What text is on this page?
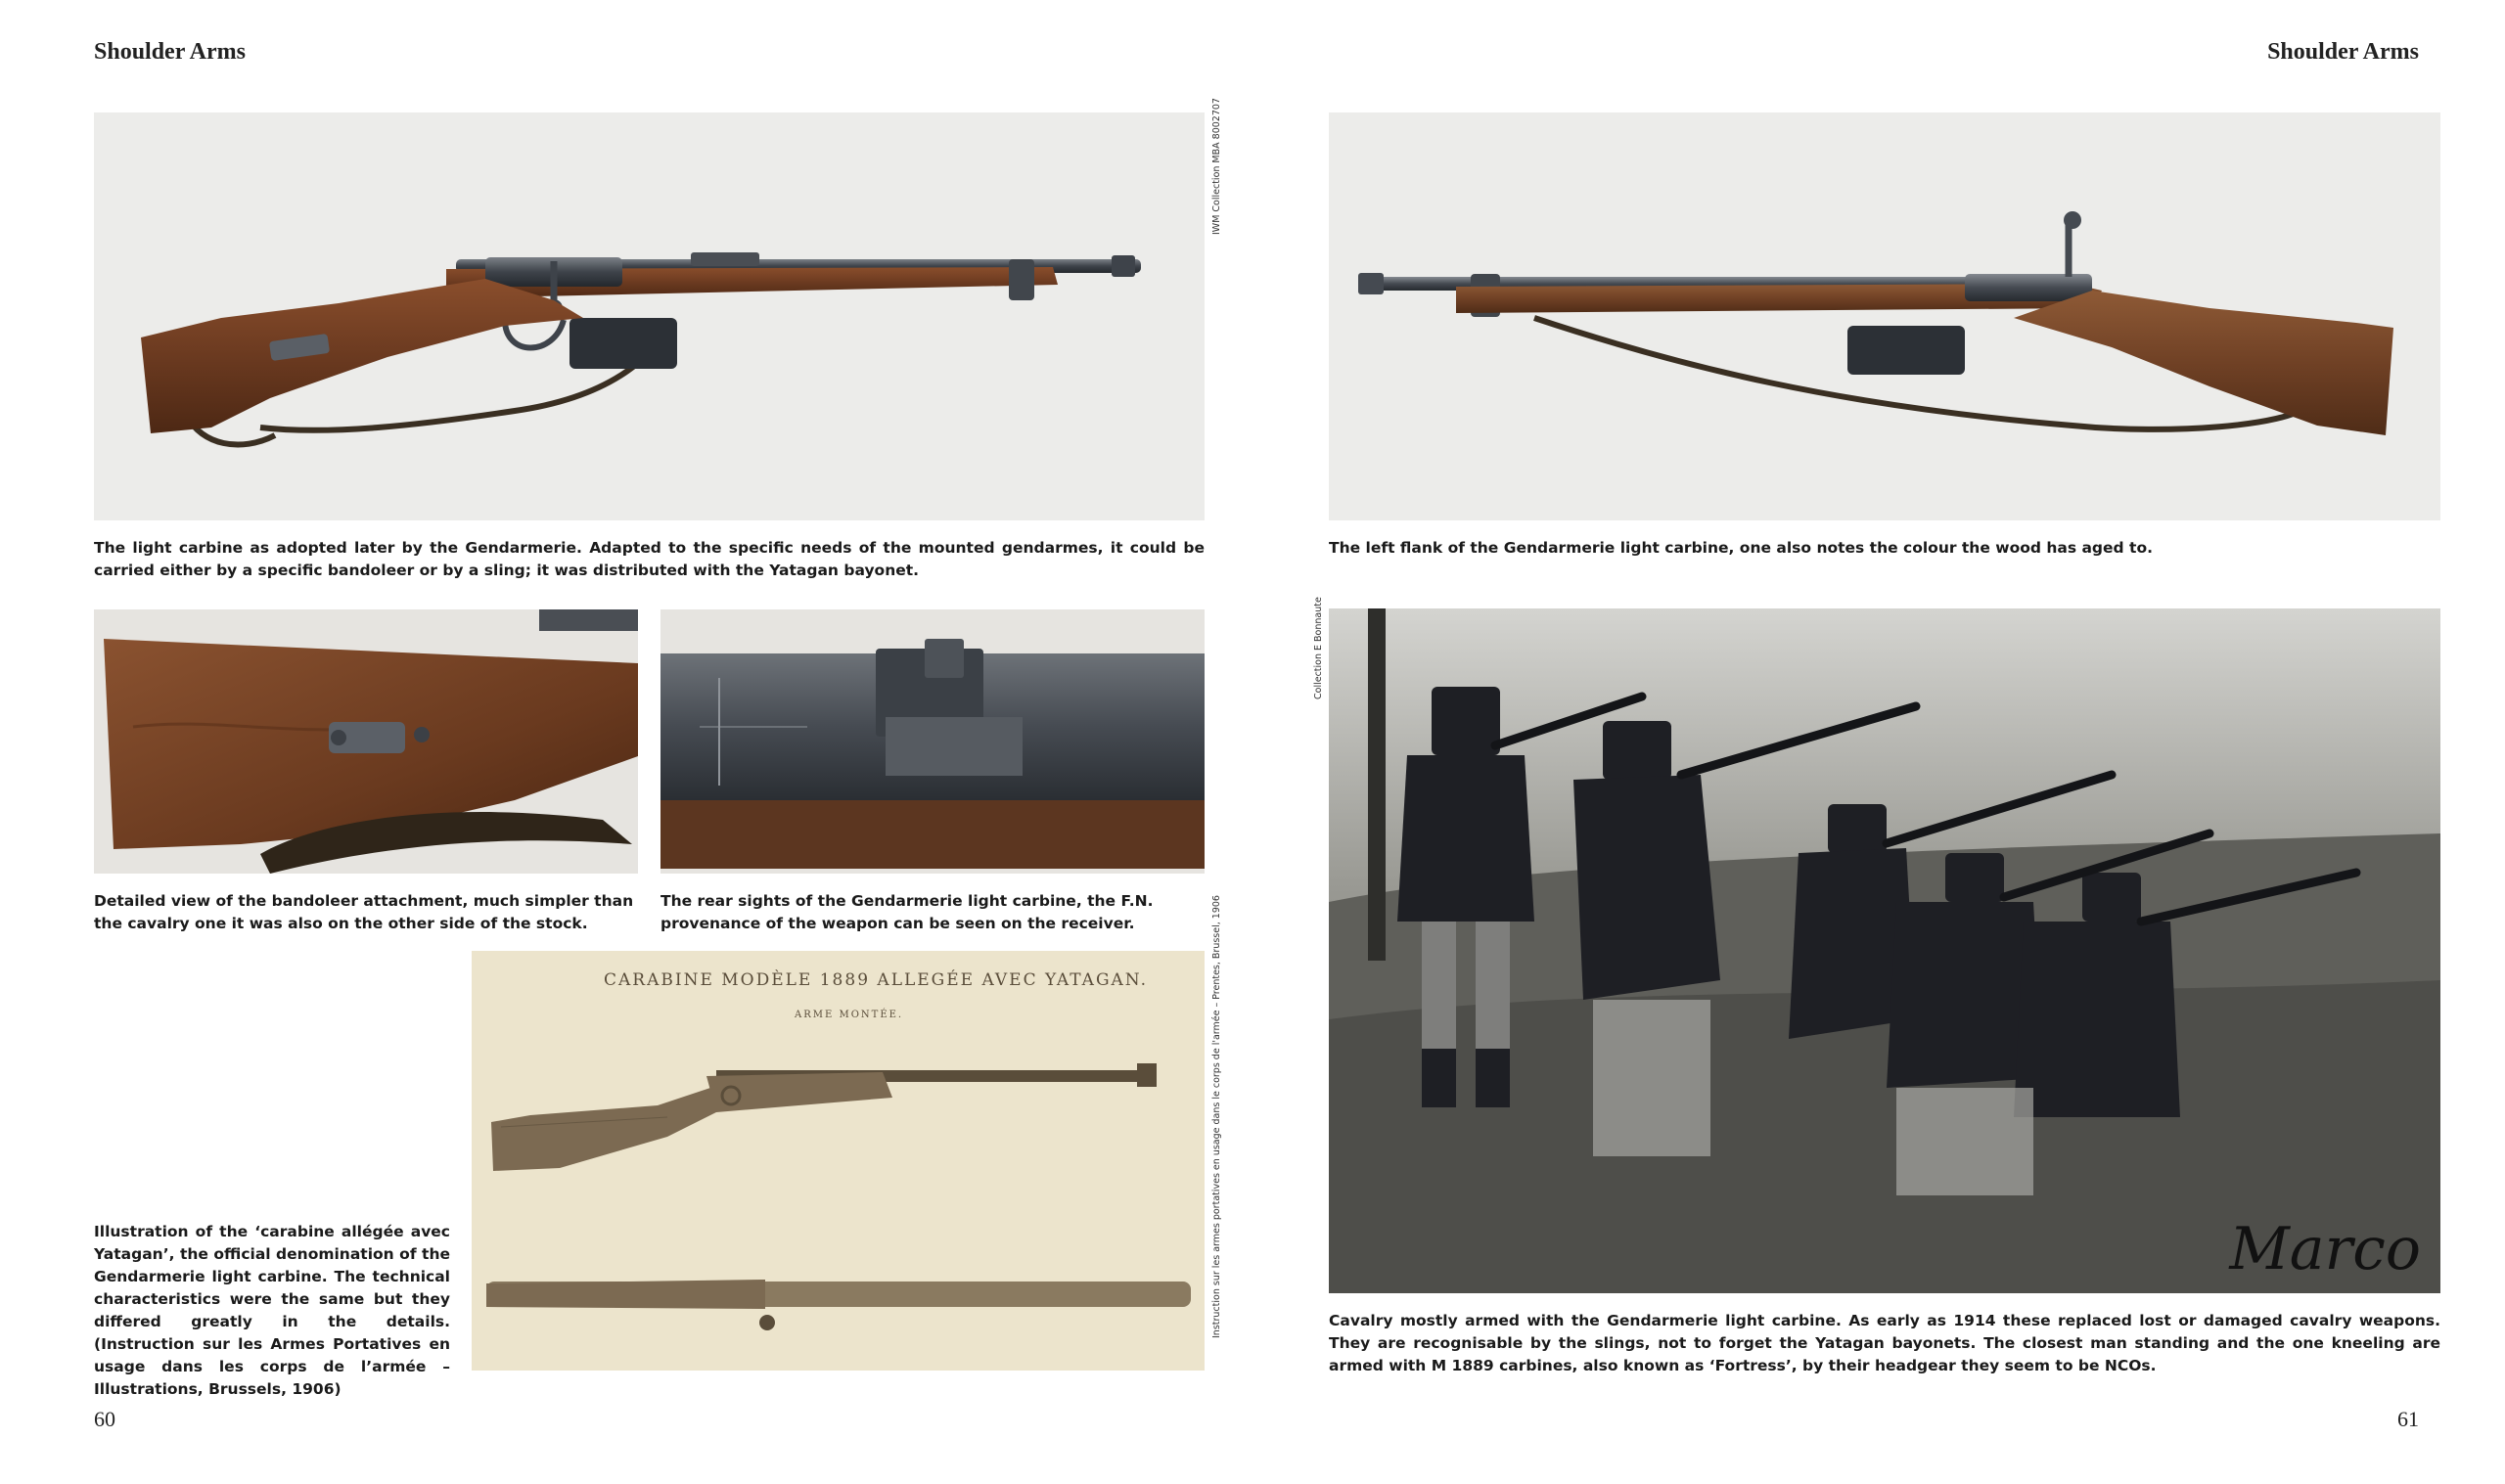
Shoulder Arms	Shoulder Arms
IWM Collection MBA 8002707
The light carbine as adopted later by the Gendarmerie. Adapted to the specific needs of the mounted gendarmes, it could be carried either by a specific bandoleer or by a sling; it was distributed with the Yatagan bayonet.
The left flank of the Gendarmerie light carbine, one also notes the colour the wood has aged to.
Detailed view of the bandoleer attachment, much simpler than the cavalry one it was also on the other side of the stock.
The rear sights of the Gendarmerie light carbine, the F.N. provenance of the weapon can be seen on the receiver.
CARABINE MODÈLE 1889 ALLEGÉE AVEC YATAGAN.
ARME MONTÉE.	Instruction sur les armes portatives en usage dans le corps de l'armée – Prentes, Brussel, 1906
Illustration of the ‘carabine allégée avec Yatagan’, the official denomination of the Gendarmerie light carbine. The technical characteristics were the same but they differed greatly in the details. (Instruction sur les Armes Portatives en usage dans les corps de l’armée – Illustrations, Brussels, 1906)
Marco
Collection E Bonnaute
Cavalry mostly armed with the Gendarmerie light carbine. As early as 1914 these replaced lost or damaged cavalry weapons. They are recognisable by the slings, not to forget the Yatagan bayonets. The closest man standing and the one kneeling are armed with M 1889 carbines, also known as ‘Fortress’, by their headgear they seem to be NCOs.
60	61
